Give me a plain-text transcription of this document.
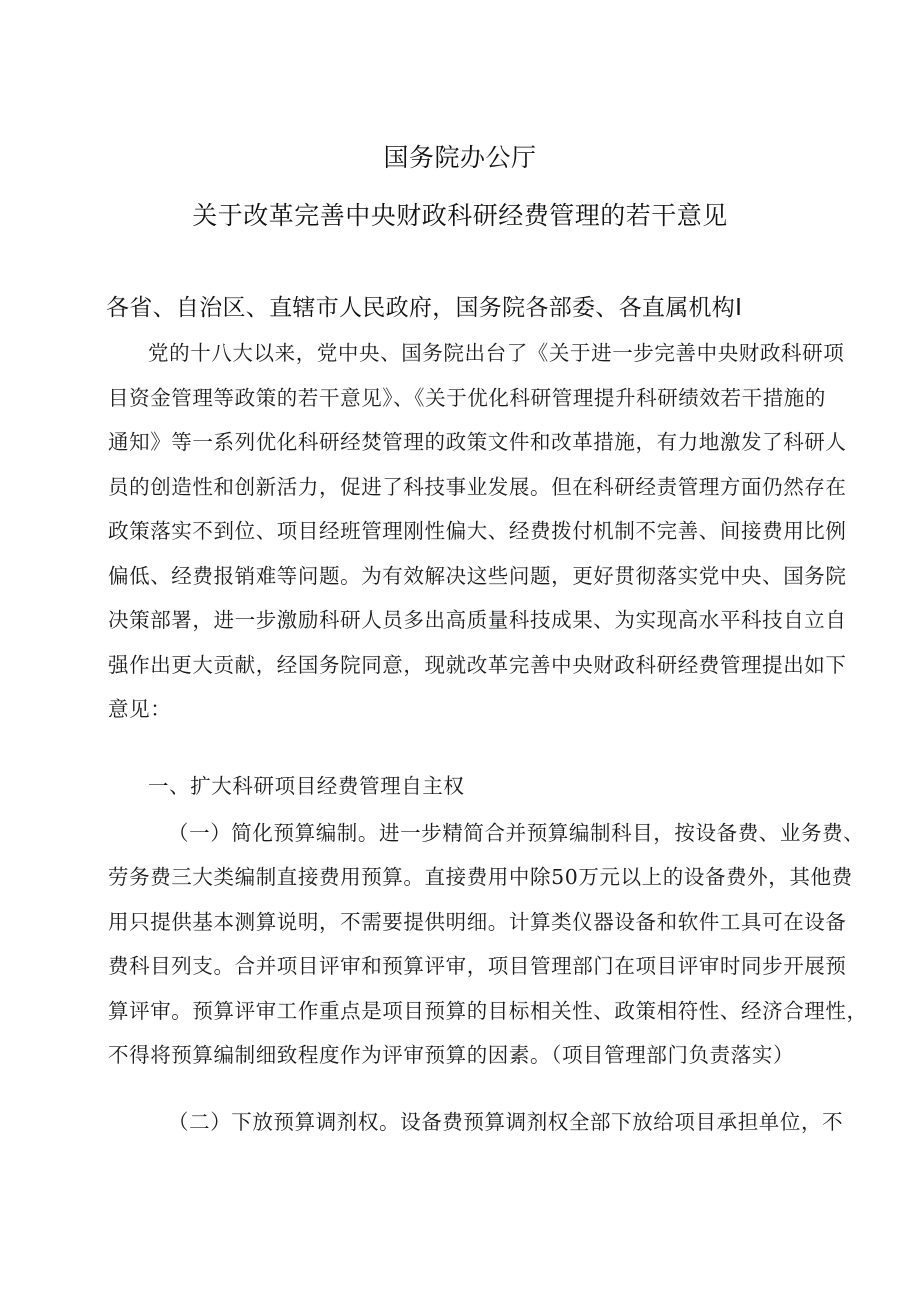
国务院办公厅
关于改革完善中央财政科研经费管理的若干意见
各省、自治区、直辖市人民政府，国务院各部委、各直属机构I
党的十八大以来，党中央、国务院出台了《关于进一步完善中央财政科研项
目资金管理等政策的若干意见》、《关于优化科研管理提升科研绩效若干措施的
通知》等一系列优化科研经焚管理的政策文件和改革措施，有力地激发了科研人
员的创造性和创新活力，促进了科技事业发展。但在科研经责管理方面仍然存在
政策落实不到位、项目经班管理刚性偏大、经费拨付机制不完善、间接费用比例
偏低、经费报销难等问题。为有效解决这些问题，更好贯彻落实党中央、国务院
决策部署，进一步激励科研人员多出高质量科技成果、为实现高水平科技自立自
强作出更大贡献，经国务院同意，现就改革完善中央财政科研经费管理提出如下
意见：
一、扩大科研项目经费管理自主权
（一）简化预算编制。进一步精简合并预算编制科目，按设备费、业务费、
劳务费三大类编制直接费用预算。直接费用中除50万元以上的设备费外，其他费
用只提供基本测算说明，不需要提供明细。计算类仪器设备和软件工具可在设备
费科目列支。合并项目评审和预算评审，项目管理部门在项目评审时同步开展预
算评审。预算评审工作重点是项目预算的目标相关性、政策相符性、经济合理性，
不得将预算编制细致程度作为评审预算的因素。（项目管理部门负责落实）
（二）下放预算调剂权。设备费预算调剂权全部下放给项目承担单位，不
